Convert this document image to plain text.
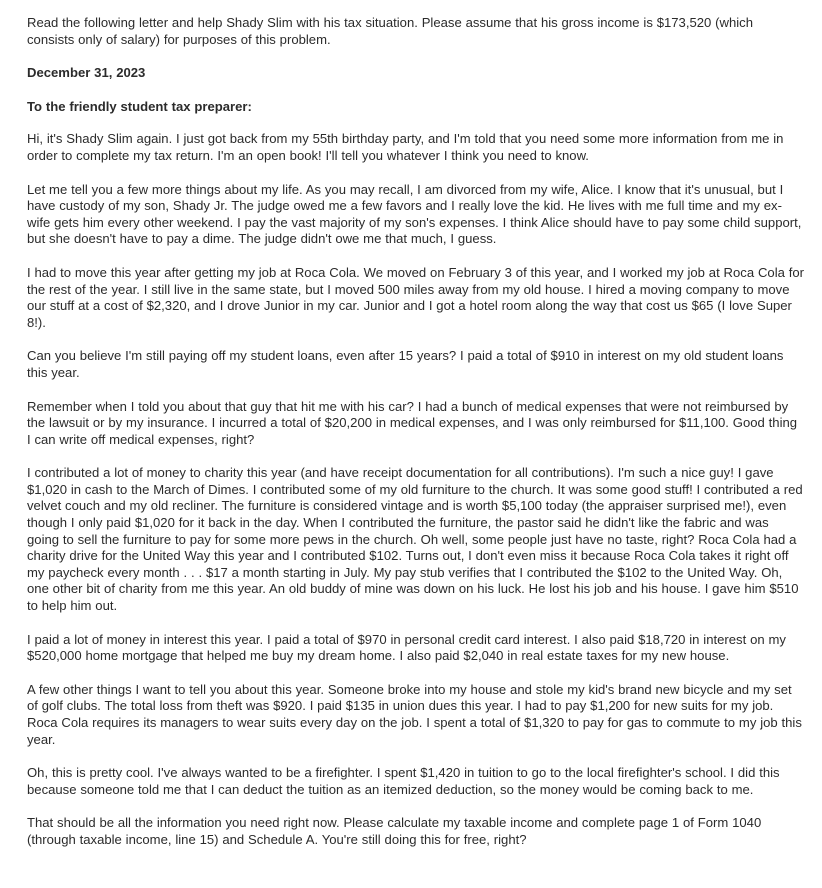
Read the following letter and help Shady Slim with his tax situation. Please assume that his gross income is $173,520 (which consists only of salary) for purposes of this problem.

December 31, 2023

To the friendly student tax preparer:

Hi, it's Shady Slim again. I just got back from my 55th birthday party, and I'm told that you need some more information from me in order to complete my tax return. I'm an open book! I'll tell you whatever I think you need to know.

Let me tell you a few more things about my life. As you may recall, I am divorced from my wife, Alice. I know that it's unusual, but I have custody of my son, Shady Jr. The judge owed me a few favors and I really love the kid. He lives with me full time and my ex-wife gets him every other weekend. I pay the vast majority of my son's expenses. I think Alice should have to pay some child support, but she doesn't have to pay a dime. The judge didn't owe me that much, I guess.

I had to move this year after getting my job at Roca Cola. We moved on February 3 of this year, and I worked my job at Roca Cola for the rest of the year. I still live in the same state, but I moved 500 miles away from my old house. I hired a moving company to move our stuff at a cost of $2,320, and I drove Junior in my car. Junior and I got a hotel room along the way that cost us $65 (I love Super 8!).

Can you believe I'm still paying off my student loans, even after 15 years? I paid a total of $910 in interest on my old student loans this year.

Remember when I told you about that guy that hit me with his car? I had a bunch of medical expenses that were not reimbursed by the lawsuit or by my insurance. I incurred a total of $20,200 in medical expenses, and I was only reimbursed for $11,100. Good thing I can write off medical expenses, right?

I contributed a lot of money to charity this year (and have receipt documentation for all contributions). I'm such a nice guy! I gave $1,020 in cash to the March of Dimes. I contributed some of my old furniture to the church. It was some good stuff! I contributed a red velvet couch and my old recliner. The furniture is considered vintage and is worth $5,100 today (the appraiser surprised me!), even though I only paid $1,020 for it back in the day. When I contributed the furniture, the pastor said he didn't like the fabric and was going to sell the furniture to pay for some more pews in the church. Oh well, some people just have no taste, right? Roca Cola had a charity drive for the United Way this year and I contributed $102. Turns out, I don't even miss it because Roca Cola takes it right off my paycheck every month . . . $17 a month starting in July. My pay stub verifies that I contributed the $102 to the United Way. Oh, one other bit of charity from me this year. An old buddy of mine was down on his luck. He lost his job and his house. I gave him $510 to help him out.

I paid a lot of money in interest this year. I paid a total of $970 in personal credit card interest. I also paid $18,720 in interest on my $520,000 home mortgage that helped me buy my dream home. I also paid $2,040 in real estate taxes for my new house.

A few other things I want to tell you about this year. Someone broke into my house and stole my kid's brand new bicycle and my set of golf clubs. The total loss from theft was $920. I paid $135 in union dues this year. I had to pay $1,200 for new suits for my job. Roca Cola requires its managers to wear suits every day on the job. I spent a total of $1,320 to pay for gas to commute to my job this year.

Oh, this is pretty cool. I've always wanted to be a firefighter. I spent $1,420 in tuition to go to the local firefighter's school. I did this because someone told me that I can deduct the tuition as an itemized deduction, so the money would be coming back to me.

That should be all the information you need right now. Please calculate my taxable income and complete page 1 of Form 1040 (through taxable income, line 15) and Schedule A. You're still doing this for free, right?
